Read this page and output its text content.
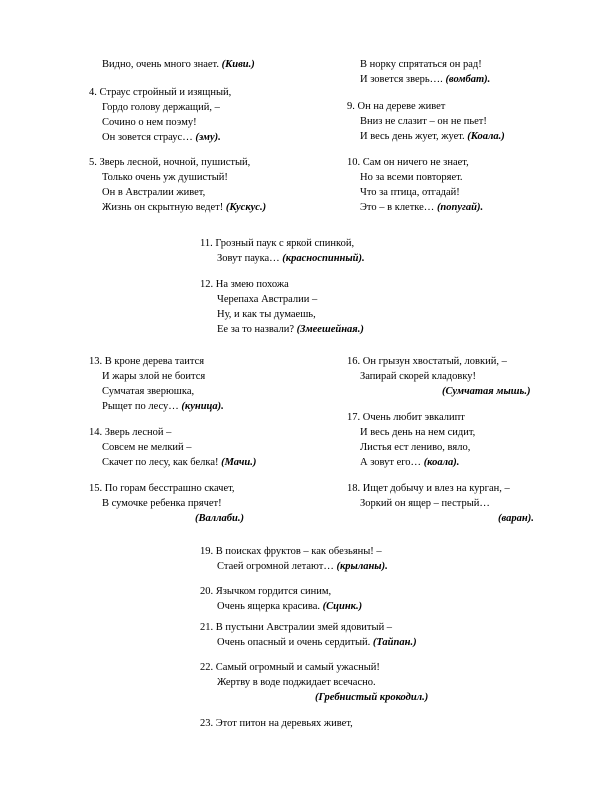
Видно, очень много знает. (Киви.)
4. Страус стройный и изящный,
Гордо голову держащий, –
Сочино о нем поэму!
Он зовется страус… (эму).
5. Зверь лесной, ночной, пушистый,
Только очень уж душистый!
Он в Австралии живет,
Жизнь он скрытную ведет! (Кускус.)
13. В кроне дерева таится
И жары злой не боится
Сумчатая зверюшка,
Рыщет по лесу… (куница).
14. Зверь лесной –
Совсем не мелкий –
Скачет по лесу, как белка! (Мачи.)
15. По горам бесстрашно скачет,
В сумочке ребенка прячет!
(Валлаби.)
В норку спрятаться он рад!
И зовется зверь…. (вомбат).
9. Он на дереве живет
Вниз не слазит – он не пьет!
И весь день жует, жует. (Коала.)
10. Сам он ничего не знает,
Но за всеми повторяет.
Что за птица, отгадай!
Это – в клетке… (попугай).
16. Он грызун хвостатый, ловкий, –
Запирай скорей кладовку!
(Сумчатая мышь.)
17. Очень любит эвкалипт
И весь день на нем сидит,
Листья ест лениво, вяло,
А зовут его… (коала).
18. Ищет добычу и влез на курган, –
Зоркий он ящер – пестрый…
(варан).
11. Грозный паук с яркой спинкой,
Зовут паука… (красноспинный).
12. На змею похожа
Черепаха Австралии –
Ну, и как ты думаешь,
Ее за то назвали? (Змеешейная.)
19. В поисках фруктов – как обезьяны! –
Стаей огромной летают… (крыланы).
20. Язычком гордится синим,
Очень ящерка красива. (Сцинк.)
21. В пустыни Австралии змей ядовитый –
Очень опасный и очень сердитый. (Тайпан.)
22. Самый огромный и самый ужасный!
Жертву в воде поджидает всечасно.
(Гребнистый крокодил.)
23. Этот питон на деревьях живет,
